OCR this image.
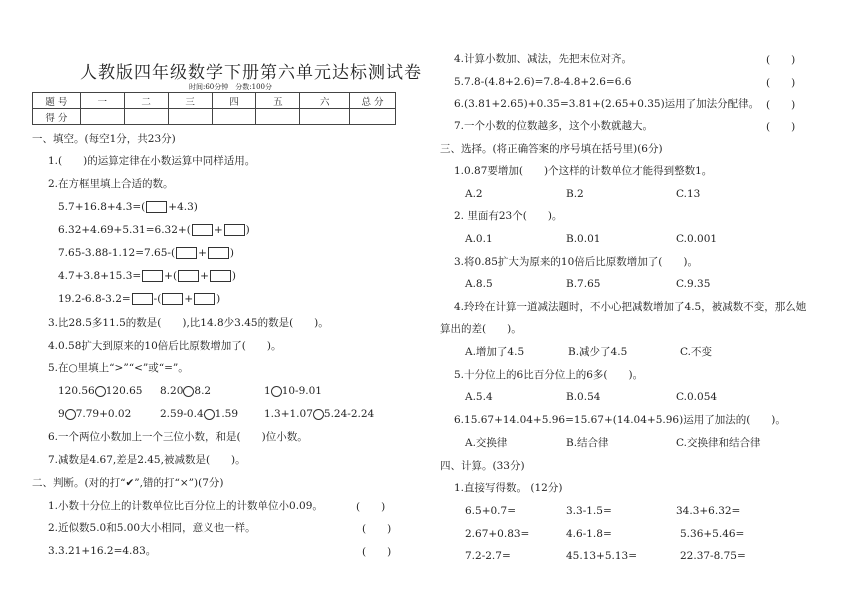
人教版四年级数学下册第六单元达标测试卷
时间:60分钟　分数:100分
题 号	一	二	三	四	五	六	总 分
得 分							
一、填空。(每空1分，共23分)
1.(　　)的运算定律在小数运算中同样适用。
2.在方框里填上合适的数。
5.7+16.8+4.3=( +4.3)
6.32+4.69+5.31=6.32+( + )
7.65-3.88-1.12=7.65-( + )
4.7+3.8+15.3= +( + )
19.2-6.8-3.2= -( + )
3.比28.5多11.5的数是(　　),比14.8少3.45的数是(　　)。
4.0.58扩大到原来的10倍后比原数增加了(　　)。
5.在○里填上“>”“<”或“=”。
120.56 120.65 8.20 8.2	1 10-9.01
9 7.79+0.02	2.59-0.4 1.59 1.3+1.07 5.24-2.24
6.一个两位小数加上一个三位小数，和是(　　)位小数。
7.减数是4.67,差是2.45,被减数是(　　)。
二、判断。(对的打“✔”,错的打“×”)(7分)
1.小数十分位上的计数单位比百分位上的计数单位小0.09。	(　　)
2.近似数5.0和5.00大小相同，意义也一样。	(　　)
3.3.21+16.2=4.83。	(　　)
4.计算小数加、减法，先把末位对齐。	(　　)
5.7.8-(4.8+2.6)=7.8-4.8+2.6=6.6	(　　)
6.(3.81+2.65)+0.35=3.81+(2.65+0.35)运用了加法分配律。 (　　)
7.一个小数的位数越多，这个小数就越大。	(　　)
三、选择。(将正确答案的序号填在括号里)(6分)
1.0.87要增加(　　)个这样的计数单位才能得到整数1。
A.2	B.2	C.13
2. 里面有23个(　　)。
A.0.1	B.0.01	C.0.001
3.将0.85扩大为原来的10倍后比原数增加了(　　)。
A.8.5	B.7.65	C.9.35
4.玲玲在计算一道减法题时，不小心把减数增加了4.5，被减数不变，那么她
算出的差(　　)。
A.增加了4.5	B.减少了4.5	C.不变
5.十分位上的6比百分位上的6多(　　)。
A.5.4	B.0.54	C.0.054
6.15.67+14.04+5.96=15.67+(14.04+5.96)运用了加法的(　　)。
A.交换律	B.结合律	C.交换律和结合律
四、计算。(33分)
1.直接写得数。 (12分)
6.5+0.7=	3.3-1.5=	34.3+6.32=
2.67+0.83=	4.6-1.8=	5.36+5.46=
7.2-2.7=	45.13+5.13=	22.37-8.75=
